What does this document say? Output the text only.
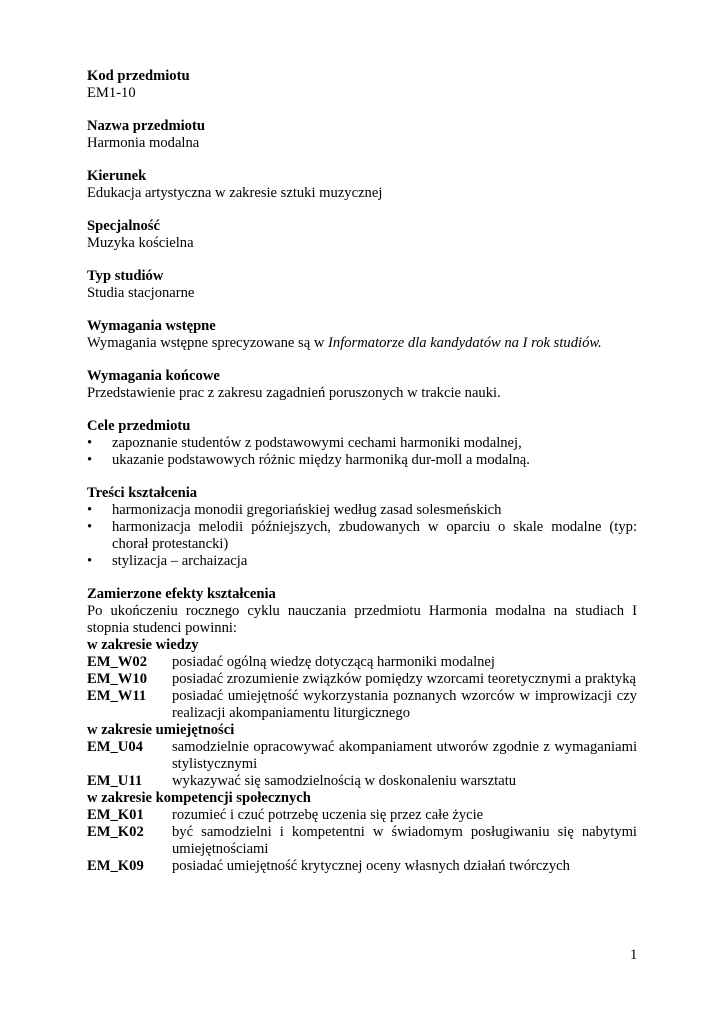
Kod przedmiotu
EM1-10
Nazwa przedmiotu
Harmonia modalna
Kierunek
Edukacja artystyczna w zakresie sztuki muzycznej
Specjalność
Muzyka kościelna
Typ studiów
Studia stacjonarne
Wymagania wstępne
Wymagania wstępne sprecyzowane są w Informatorze dla kandydatów na I rok studiów.
Wymagania końcowe
Przedstawienie prac z zakresu zagadnień poruszonych w trakcie nauki.
Cele przedmiotu
•	zapoznanie studentów z podstawowymi cechami harmoniki modalnej,
•	ukazanie podstawowych różnic między harmoniką dur-moll a modalną.
Treści kształcenia
•	harmonizacja monodii gregoriańskiej według zasad solesmeńskich
•	harmonizacja melodii późniejszych, zbudowanych w oparciu o skale modalne (typ: chorał protestancki)
•	stylizacja – archaizacja
Zamierzone efekty kształcenia
Po ukończeniu rocznego cyklu nauczania przedmiotu Harmonia modalna na studiach I stopnia studenci powinni:
w zakresie wiedzy
EM_W02	posiadać ogólną wiedzę dotyczącą harmoniki modalnej
EM_W10	posiadać zrozumienie związków pomiędzy wzorcami teoretycznymi a praktyką
EM_W11	posiadać umiejętność wykorzystania poznanych wzorców w improwizacji czy realizacji akompaniamentu liturgicznego
w zakresie umiejętności
EM_U04	samodzielnie opracowywać akompaniament utworów zgodnie z wymaganiami stylistycznymi
EM_U11	wykazywać się samodzielnością w doskonaleniu warsztatu
w zakresie kompetencji społecznych
EM_K01	rozumieć i czuć potrzebę uczenia się przez całe życie
EM_K02	być samodzielni i kompetentni w świadomym posługiwaniu się nabytymi umiejętnościami
EM_K09	posiadać umiejętność krytycznej oceny własnych działań twórczych
1
